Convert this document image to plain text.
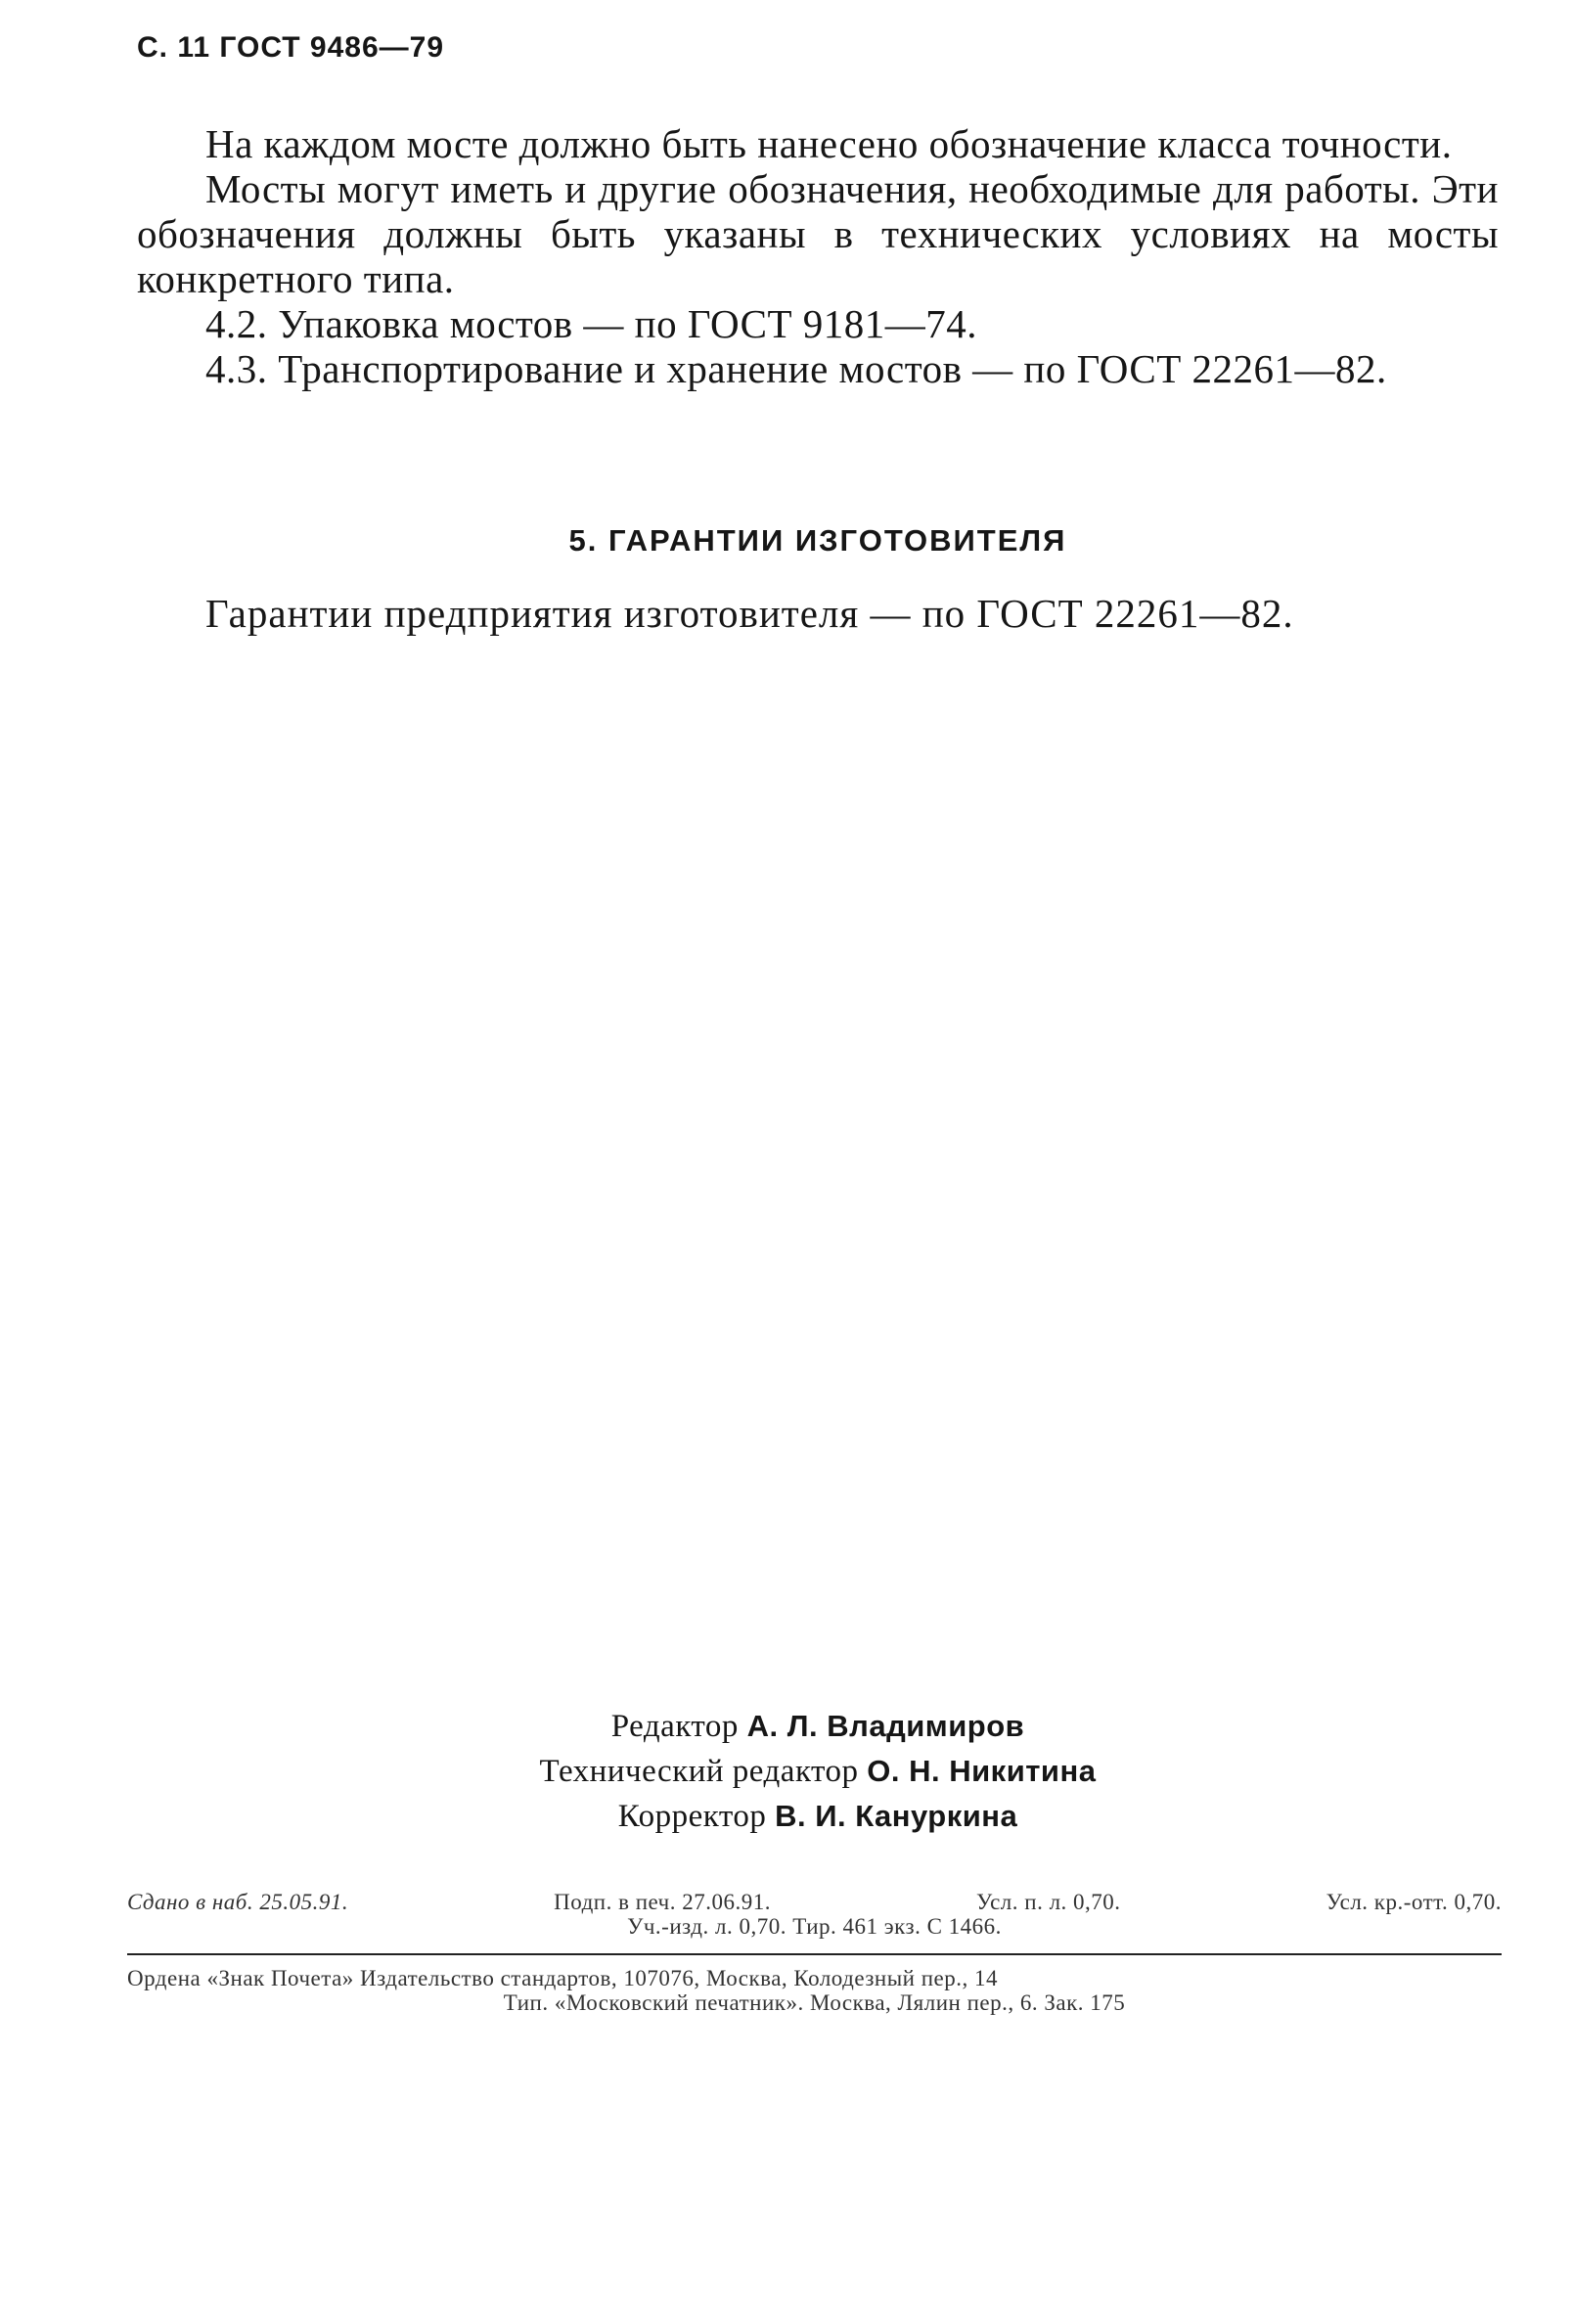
С. 11 ГОСТ 9486—79

На каждом мосте должно быть нанесено обозначение класса точности.

Мосты могут иметь и другие обозначения, необходимые для работы. Эти обозначения должны быть указаны в технических условиях на мосты конкретного типа.

4.2. Упаковка мостов — по ГОСТ 9181—74.

4.3. Транспортирование и хранение мостов — по ГОСТ 22261—82.

5. ГАРАНТИИ ИЗГОТОВИТЕЛЯ
Гарантии предприятия изготовителя — по ГОСТ 22261—82.
Редактор А. Л. Владимиров
Технический редактор О. Н. Никитина
Корректор В. И. Кануркина
Сдано в наб. 25.05.91.	Подп. в печ. 27.06.91.	Усл. п. л. 0,70.	Усл. кр.-отт. 0,70.
Уч.-изд. л. 0,70. Тир. 461 экз. С 1466.
Ордена «Знак Почета» Издательство стандартов, 107076, Москва, Колодезный пер., 14
Тип. «Московский печатник». Москва, Лялин пер., 6. Зак. 175
